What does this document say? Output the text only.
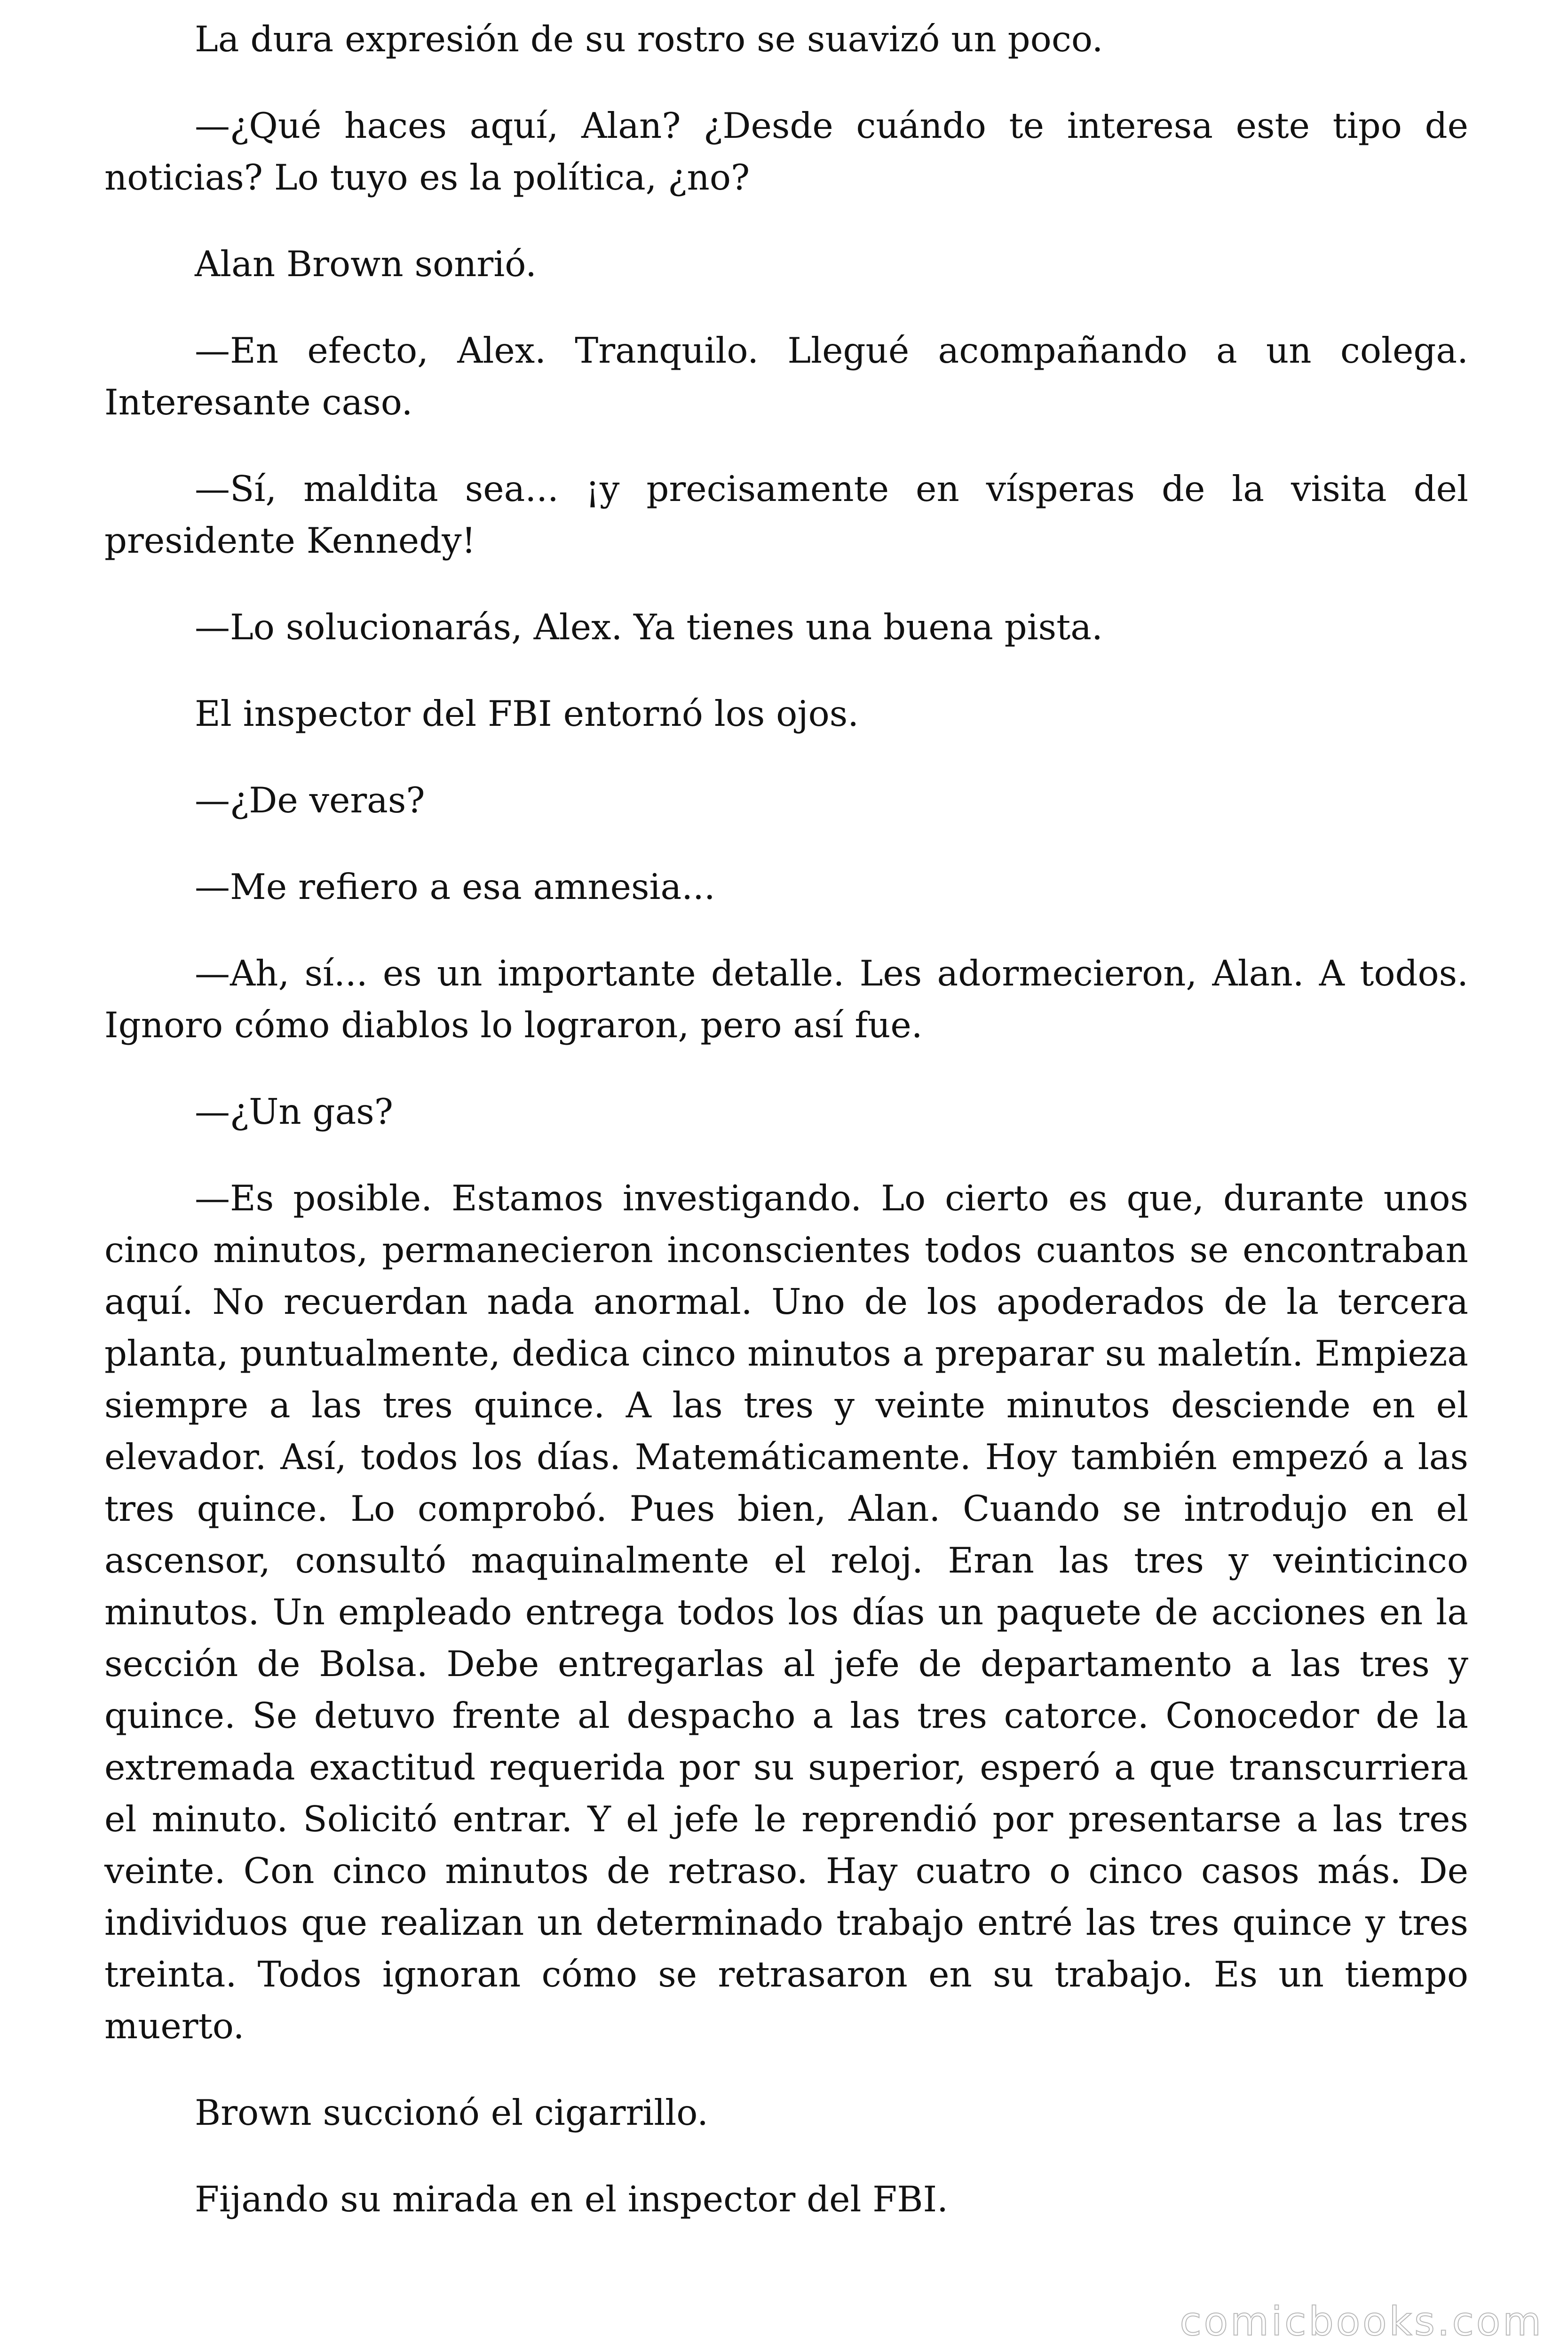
La dura expresión de su rostro se suavizó un poco.

—¿Qué haces aquí, Alan? ¿Desde cuándo te interesa este tipo de noticias? Lo tuyo es la política, ¿no?

Alan Brown sonrió.

—En efecto, Alex. Tranquilo. Llegué acompañando a un colega. Interesante caso.

—Sí, maldita sea... ¡y precisamente en vísperas de la visita del presidente Kennedy!

—Lo solucionarás, Alex. Ya tienes una buena pista.

El inspector del FBI entornó los ojos.

—¿De veras?

—Me refiero a esa amnesia...

—Ah, sí... es un importante detalle. Les adormecieron, Alan. A todos. Ignoro cómo diablos lo lograron, pero así fue.

—¿Un gas?

—Es posible. Estamos investigando. Lo cierto es que, durante unos cinco minutos, permanecieron inconscientes todos cuantos se encontraban aquí. No recuerdan nada anormal. Uno de los apoderados de la tercera planta, puntualmente, dedica cinco minutos a preparar su maletín. Empieza siempre a las tres quince. A las tres y veinte minutos desciende en el elevador. Así, todos los días. Matemáticamente. Hoy también empezó a las tres quince. Lo comprobó. Pues bien, Alan. Cuando se introdujo en el ascensor, consultó maquinalmente el reloj. Eran las tres y veinticinco minutos. Un empleado entrega todos los días un paquete de acciones en la sección de Bolsa. Debe entregarlas al jefe de departamento a las tres y quince. Se detuvo frente al despacho a las tres catorce. Conocedor de la extremada exactitud requerida por su superior, esperó a que transcurriera el minuto. Solicitó entrar. Y el jefe le reprendió por presentarse a las tres veinte. Con cinco minutos de retraso. Hay cuatro o cinco casos más. De individuos que realizan un determinado trabajo entré las tres quince y tres treinta. Todos ignoran cómo se retrasaron en su trabajo. Es un tiempo muerto.

Brown succionó el cigarrillo.

Fijando su mirada en el inspector del FBI.

comicbooks.com
